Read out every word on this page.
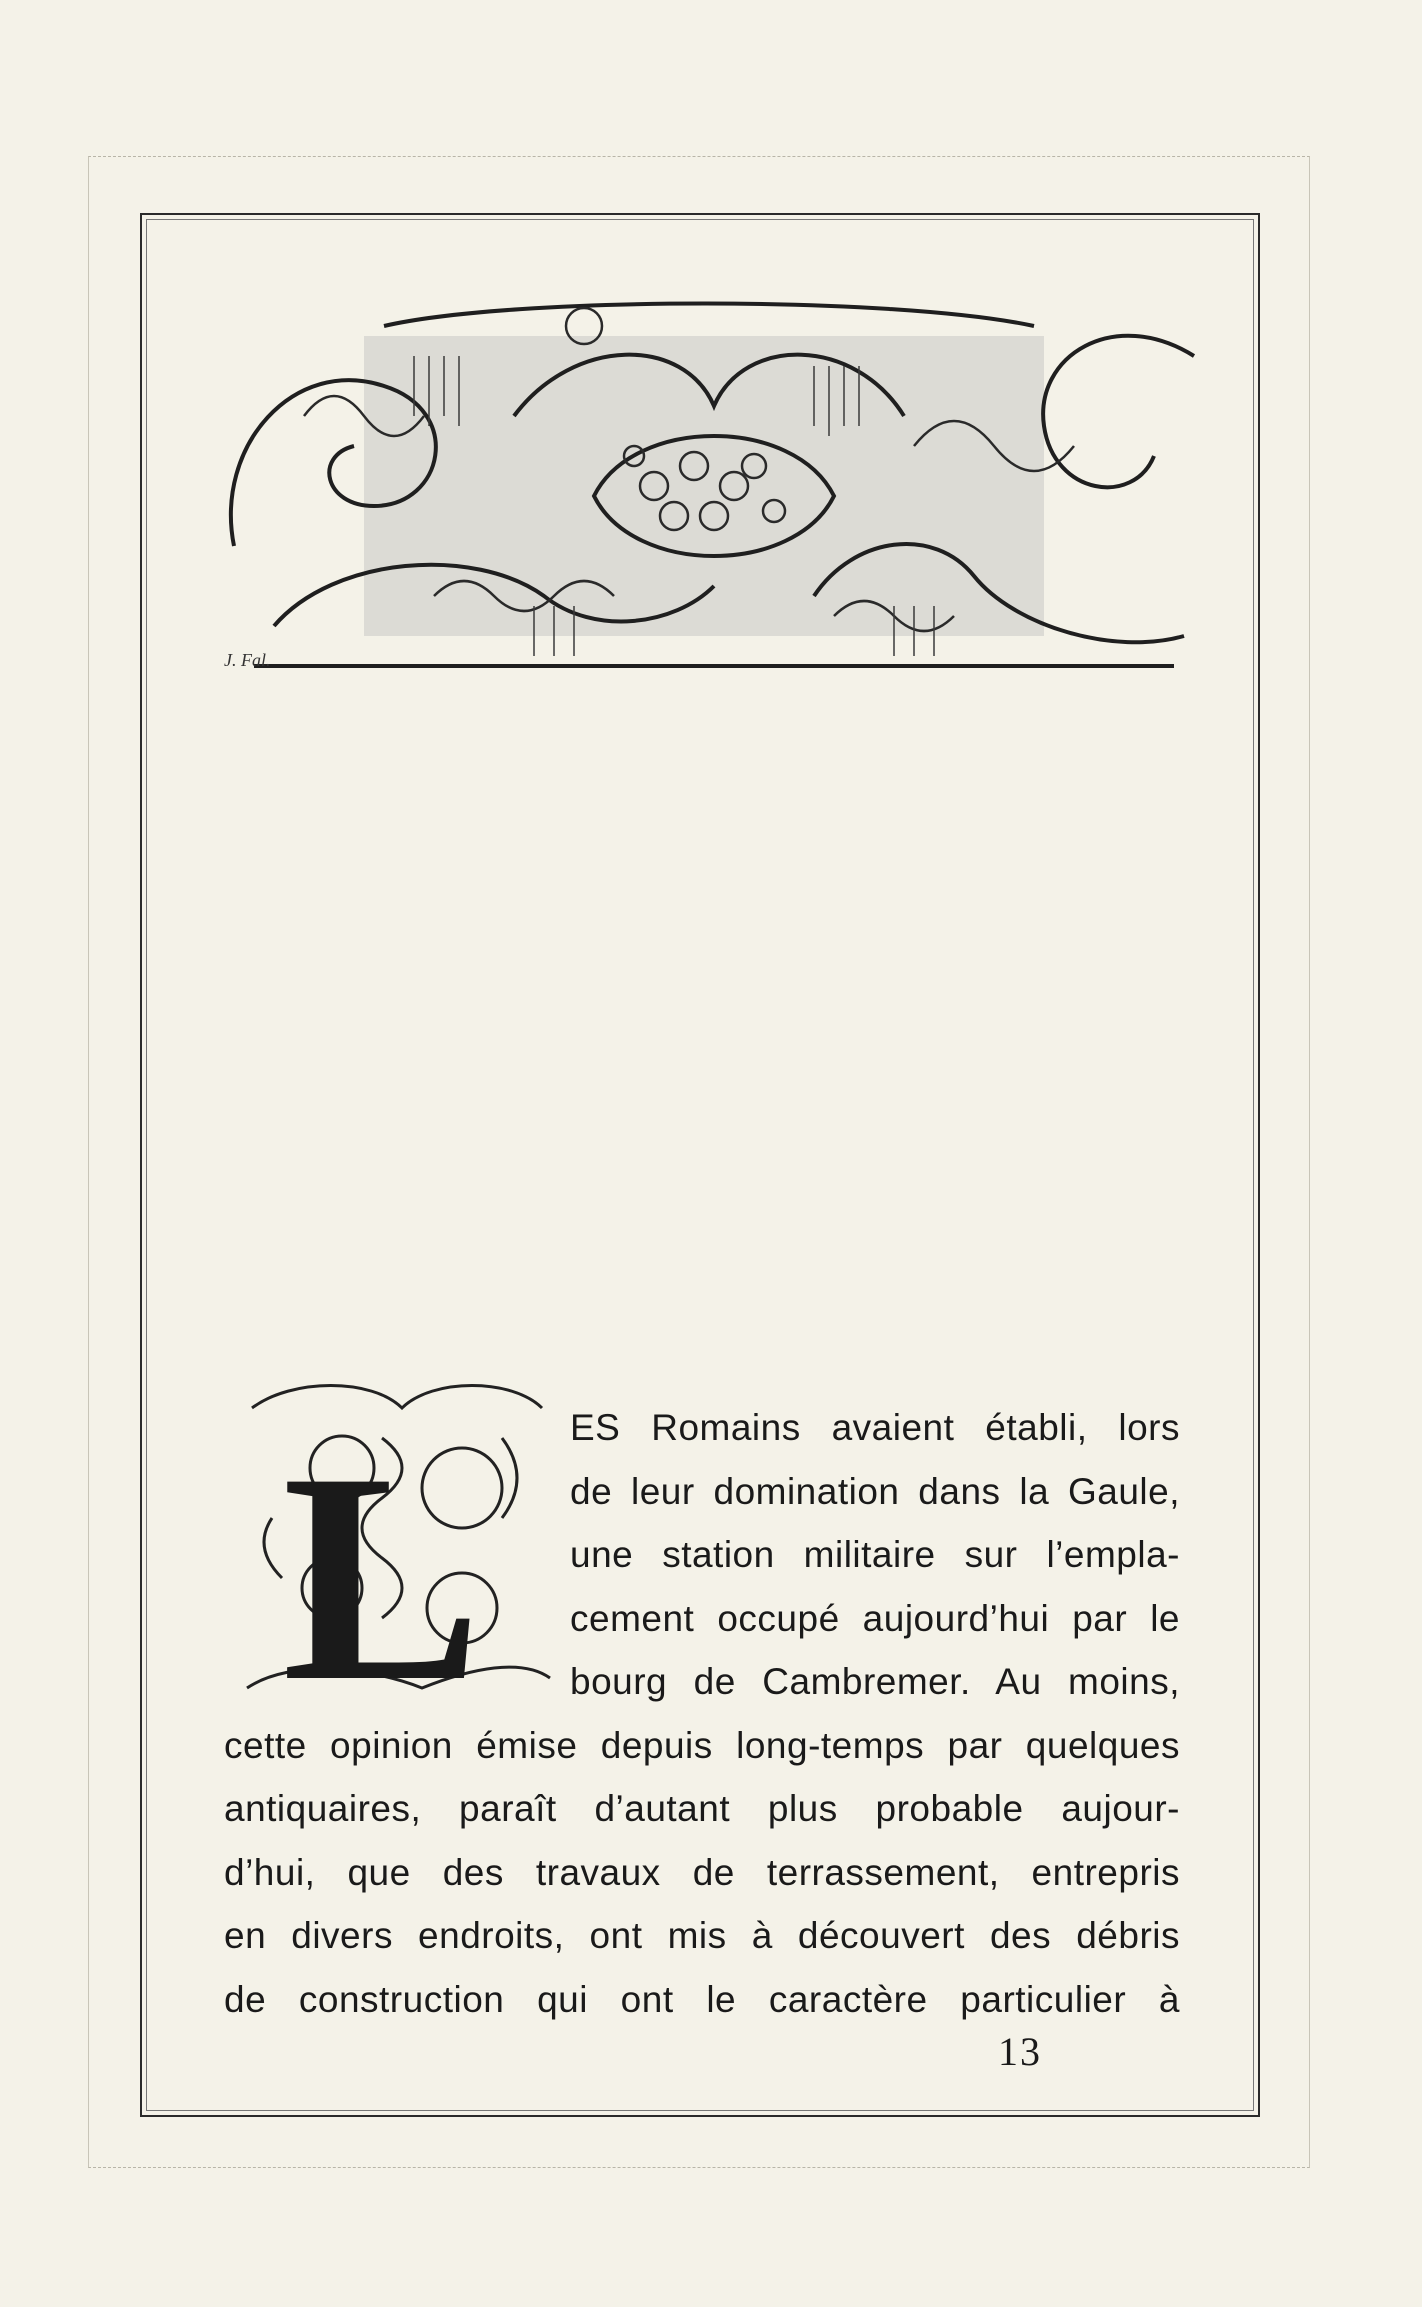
J. Fal.
L	ES Romains avaient établi, lors
de leur domination dans la Gaule,
une station militaire sur l’empla-
cement occupé aujourd’hui par le
bourg de Cambremer. Au moins,
cette opinion émise depuis long-temps par quelques
antiquaires, paraît d’autant plus probable aujour-
d’hui, que des travaux de terrassement, entrepris
en divers endroits, ont mis à découvert des débris
de construction qui ont le caractère particulier à
13
